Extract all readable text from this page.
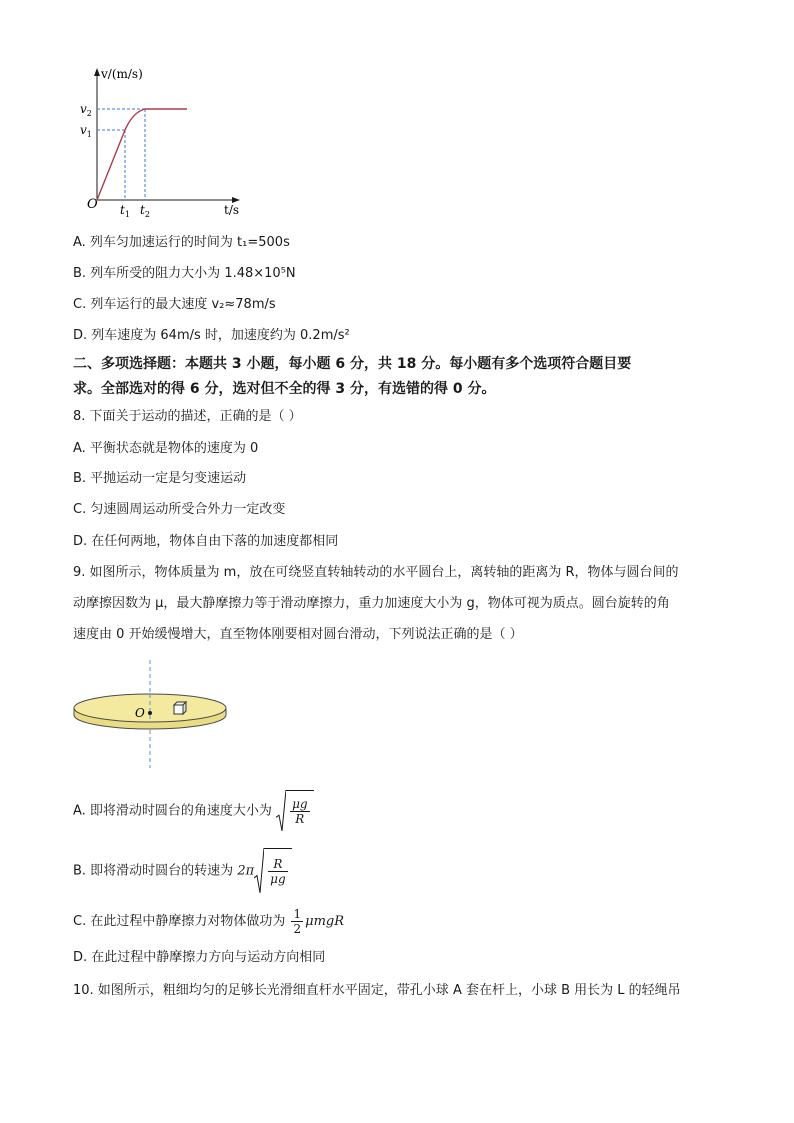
v/(m/s)
$v_2$
$v_1$
O $t_1$ $t_2$	t/s
A. 列车匀加速运行的时间为 t₁=500s
B. 列车所受的阻力大小为 1.48×10⁵N
C. 列车运行的最大速度 v₂≈78m/s
D. 列车速度为 64m/s 时，加速度约为 0.2m/s²
二、多项选择题：本题共 3 小题，每小题 6 分，共 18 分。每小题有多个选项符合题目要
求。全部选对的得 6 分，选对但不全的得 3 分，有选错的得 0 分。
8. 下面关于运动的描述，正确的是（ ）
A. 平衡状态就是物体的速度为 0
B. 平抛运动一定是匀变速运动
C. 匀速圆周运动所受合外力一定改变
D. 在任何两地，物体自由下落的加速度都相同
9. 如图所示，物体质量为 m，放在可绕竖直转轴转动的水平圆台上，离转轴的距离为 R，物体与圆台间的
动摩擦因数为 μ，最大静摩擦力等于滑动摩擦力，重力加速度大小为 g，物体可视为质点。圆台旋转的角
速度由 0 开始缓慢增大，直至物体刚要相对圆台滑动，下列说法正确的是（ ）
O
A. 即将滑动时圆台的角速度大小为 $\frac{\mu g}{R}$
B. 即将滑动时圆台的转速为 $2\pi \frac{R}{\mu g}$
C. 在此过程中静摩擦力对物体做功为 $\frac{1}{2}$ μmgR
D. 在此过程中静摩擦力方向与运动方向相同
10. 如图所示，粗细均匀的足够长光滑细直杆水平固定，带孔小球 A 套在杆上，小球 B 用长为 L 的轻绳吊
